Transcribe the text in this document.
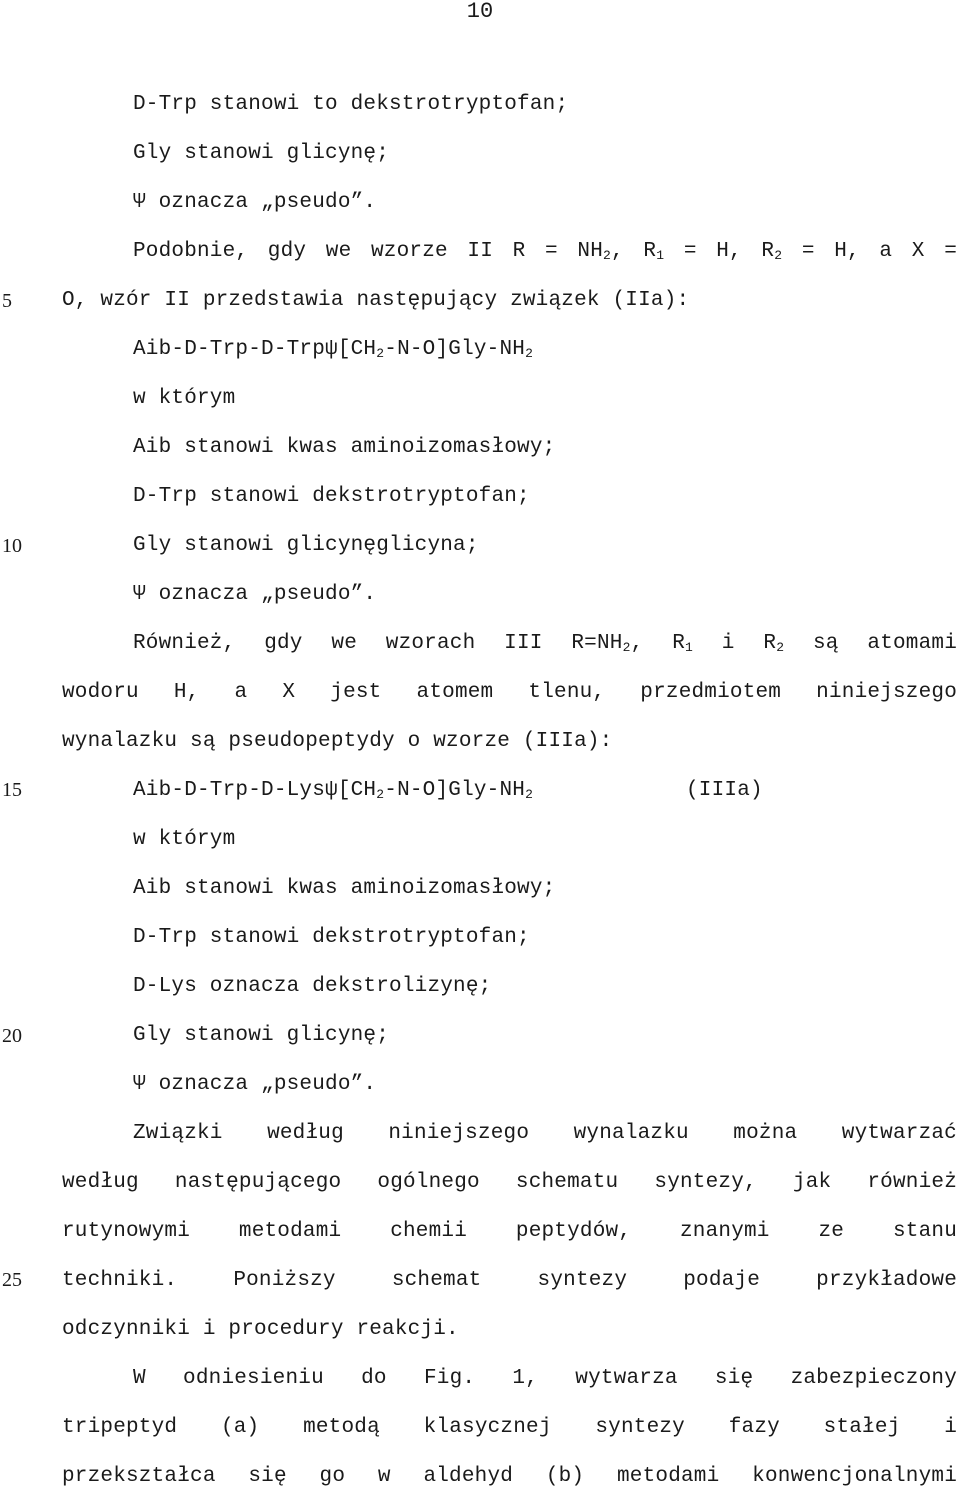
10
5
10
15
20
25
D-Trp stanowi to dekstrotryptofan;
Gly stanowi glicynę;
Ψ oznacza „pseudo”.
Podobnie, gdy we wzorze II $R = NH_2$, $R_1 = H$, $R_2 = H$, a X =
O, wzór II przedstawia następujący związek (IIa):
Aib-$D-Trp-D-Trp\psi[CH_2-N-O]Gly-NH_2$
w którym
Aib stanowi kwas aminoizomasłowy;
D-Trp stanowi dekstrotryptofan;
Gly stanowi glicynęglicyna;
Ψ oznacza „pseudo”.
Również, gdy we wzorach III $R=NH_2$, $R_1$ i $R_2$ są atomami
wodoru H, a X jest atomem tlenu, przedmiotem niniejszego
wynalazku są pseudopeptydy o wzorze (IIIa):
Aib-$D-Trp-D-Lys\psi[CH_2-N-O]Gly-NH_2$	(IIIa)
w którym
Aib stanowi kwas aminoizomasłowy;
D-Trp stanowi dekstrotryptofan;
D-Lys oznacza dekstrolizynę;
Gly stanowi glicynę;
Ψ oznacza „pseudo”.
Związki według niniejszego wynalazku można wytwarzać
według następującego ogólnego schematu syntezy, jak również
rutynowymi metodami chemii peptydów, znanymi ze stanu
techniki. Poniższy schemat syntezy podaje przykładowe
odczynniki i procedury reakcji.
W odniesieniu do Fig. 1, wytwarza się zabezpieczony
tripeptyd (a) metodą klasycznej syntezy fazy stałej i
przekształca się go w aldehyd (b) metodami konwencjonalnymi
